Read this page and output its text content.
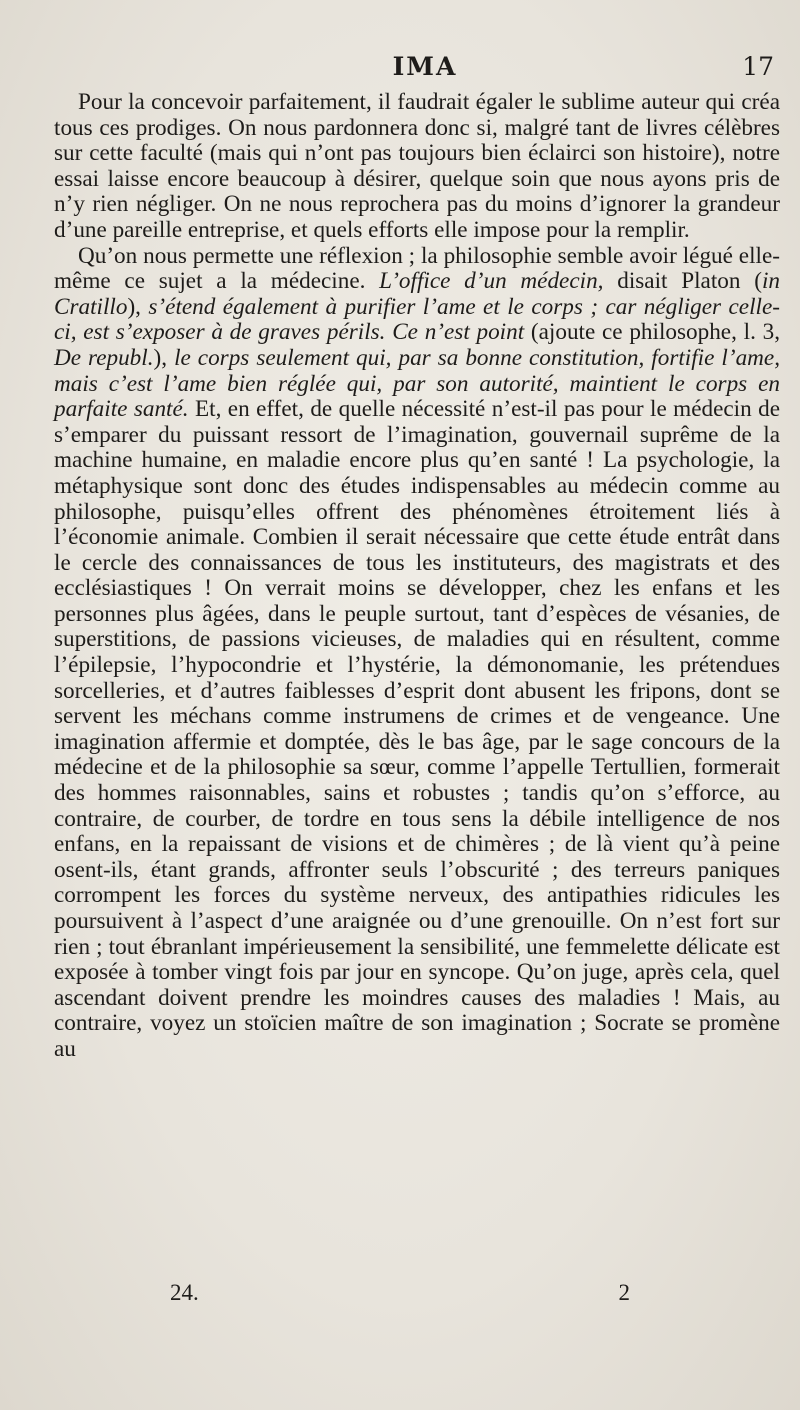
IMA	17

Pour la concevoir parfaitement, il faudrait égaler le sublime auteur qui créa tous ces prodiges. On nous pardonnera donc si, malgré tant de livres célèbres sur cette faculté (mais qui n’ont pas toujours bien éclairci son histoire), notre essai laisse encore beaucoup à désirer, quelque soin que nous ayons pris de n’y rien négliger. On ne nous reprochera pas du moins d’ignorer la grandeur d’une pareille entreprise, et quels efforts elle impose pour la remplir.

Qu’on nous permette une réflexion ; la philosophie semble avoir légué elle-même ce sujet a la médecine. L’office d’un médecin, disait Platon (in Cratillo), s’étend également à purifier l’ame et le corps ; car négliger celle-ci, est s’exposer à de graves périls. Ce n’est point (ajoute ce philosophe, l. 3, De republ.), le corps seulement qui, par sa bonne constitution, fortifie l’ame, mais c’est l’ame bien réglée qui, par son autorité, maintient le corps en parfaite santé. Et, en effet, de quelle nécessité n’est-il pas pour le médecin de s’emparer du puissant ressort de l’imagination, gouvernail suprême de la machine humaine, en maladie encore plus qu’en santé ! La psychologie, la métaphysique sont donc des études indispensables au médecin comme au philosophe, puisqu’elles offrent des phénomènes étroitement liés à l’économie animale. Combien il serait nécessaire que cette étude entrât dans le cercle des connaissances de tous les instituteurs, des magistrats et des ecclésiastiques ! On verrait moins se développer, chez les enfans et les personnes plus âgées, dans le peuple surtout, tant d’espèces de vésanies, de superstitions, de passions vicieuses, de maladies qui en résultent, comme l’épilepsie, l’hypocondrie et l’hystérie, la démonomanie, les prétendues sorcelleries, et d’autres faiblesses d’esprit dont abusent les fripons, dont se servent les méchans comme instrumens de crimes et de vengeance. Une imagination affermie et domptée, dès le bas âge, par le sage concours de la médecine et de la philosophie sa sœur, comme l’appelle Tertullien, formerait des hommes raisonnables, sains et robustes ; tandis qu’on s’efforce, au contraire, de courber, de tordre en tous sens la débile intelligence de nos enfans, en la repaissant de visions et de chimères ; de là vient qu’à peine osent-ils, étant grands, affronter seuls l’obscurité ; des terreurs paniques corrompent les forces du système nerveux, des antipathies ridicules les poursuivent à l’aspect d’une araignée ou d’une grenouille. On n’est fort sur rien ; tout ébranlant impérieusement la sensibilité, une femmelette délicate est exposée à tomber vingt fois par jour en syncope. Qu’on juge, après cela, quel ascendant doivent prendre les moindres causes des maladies ! Mais, au contraire, voyez un stoïcien maître de son imagination ; Socrate se promène au

24.	2
